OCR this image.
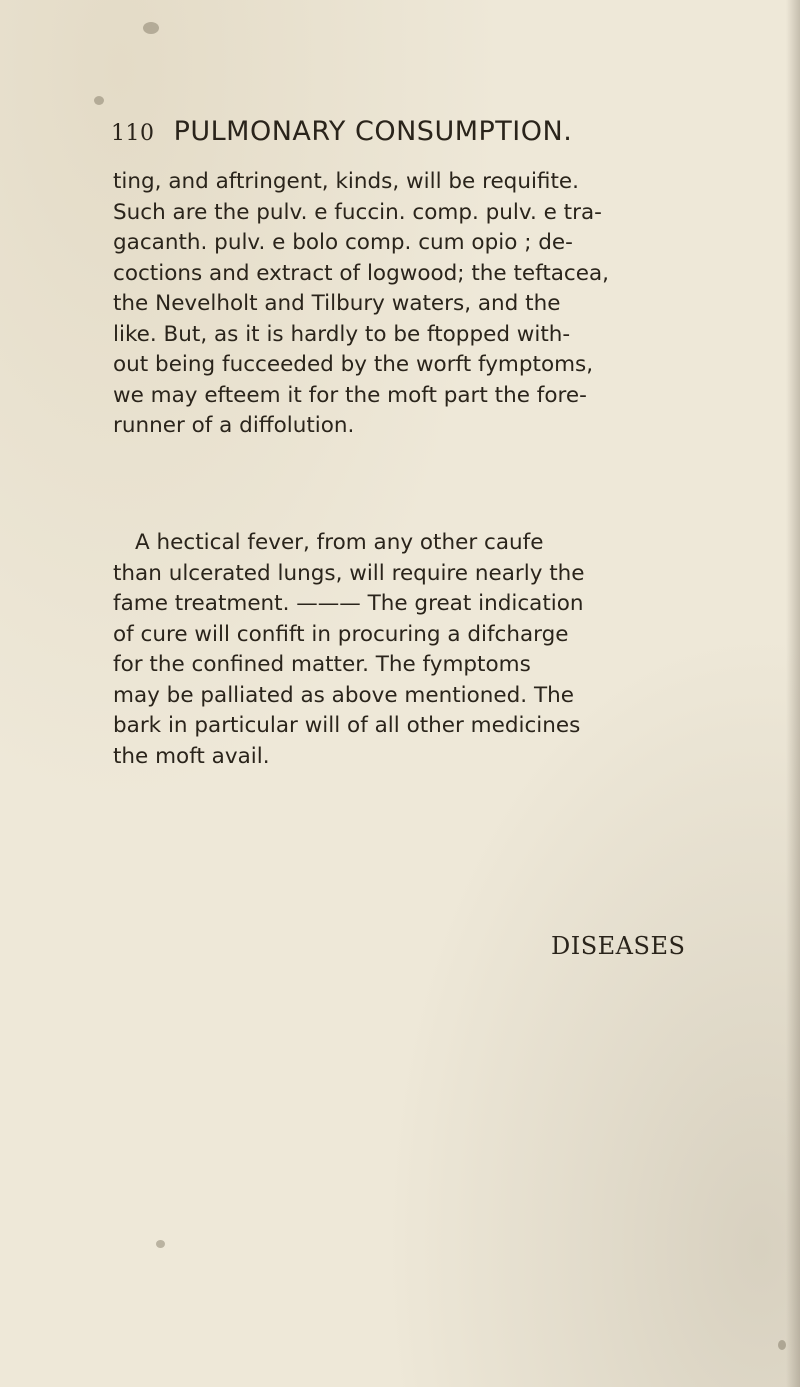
110 PULMONARY CONSUMPTION.
ting, and aftringent, kinds, will be requifite.
Such are the pulv. e fuccin. comp. pulv. e tra-
gacanth. pulv. e bolo comp. cum opio ; de-
coctions and extract of logwood; the teftacea,
the Nevelholt and Tilbury waters, and the
like. But, as it is hardly to be ftopped with-
out being fucceeded by the worft fymptoms,
we may efteem it for the moft part the fore-
runner of a diffolution.
A hectical fever, from any other caufe
than ulcerated lungs, will require nearly the
fame treatment. ——— The great indication
of cure will confift in procuring a difcharge
for the confined matter. The fymptoms
may be palliated as above mentioned. The
bark in particular will of all other medicines
the moft avail.
DISEASES
